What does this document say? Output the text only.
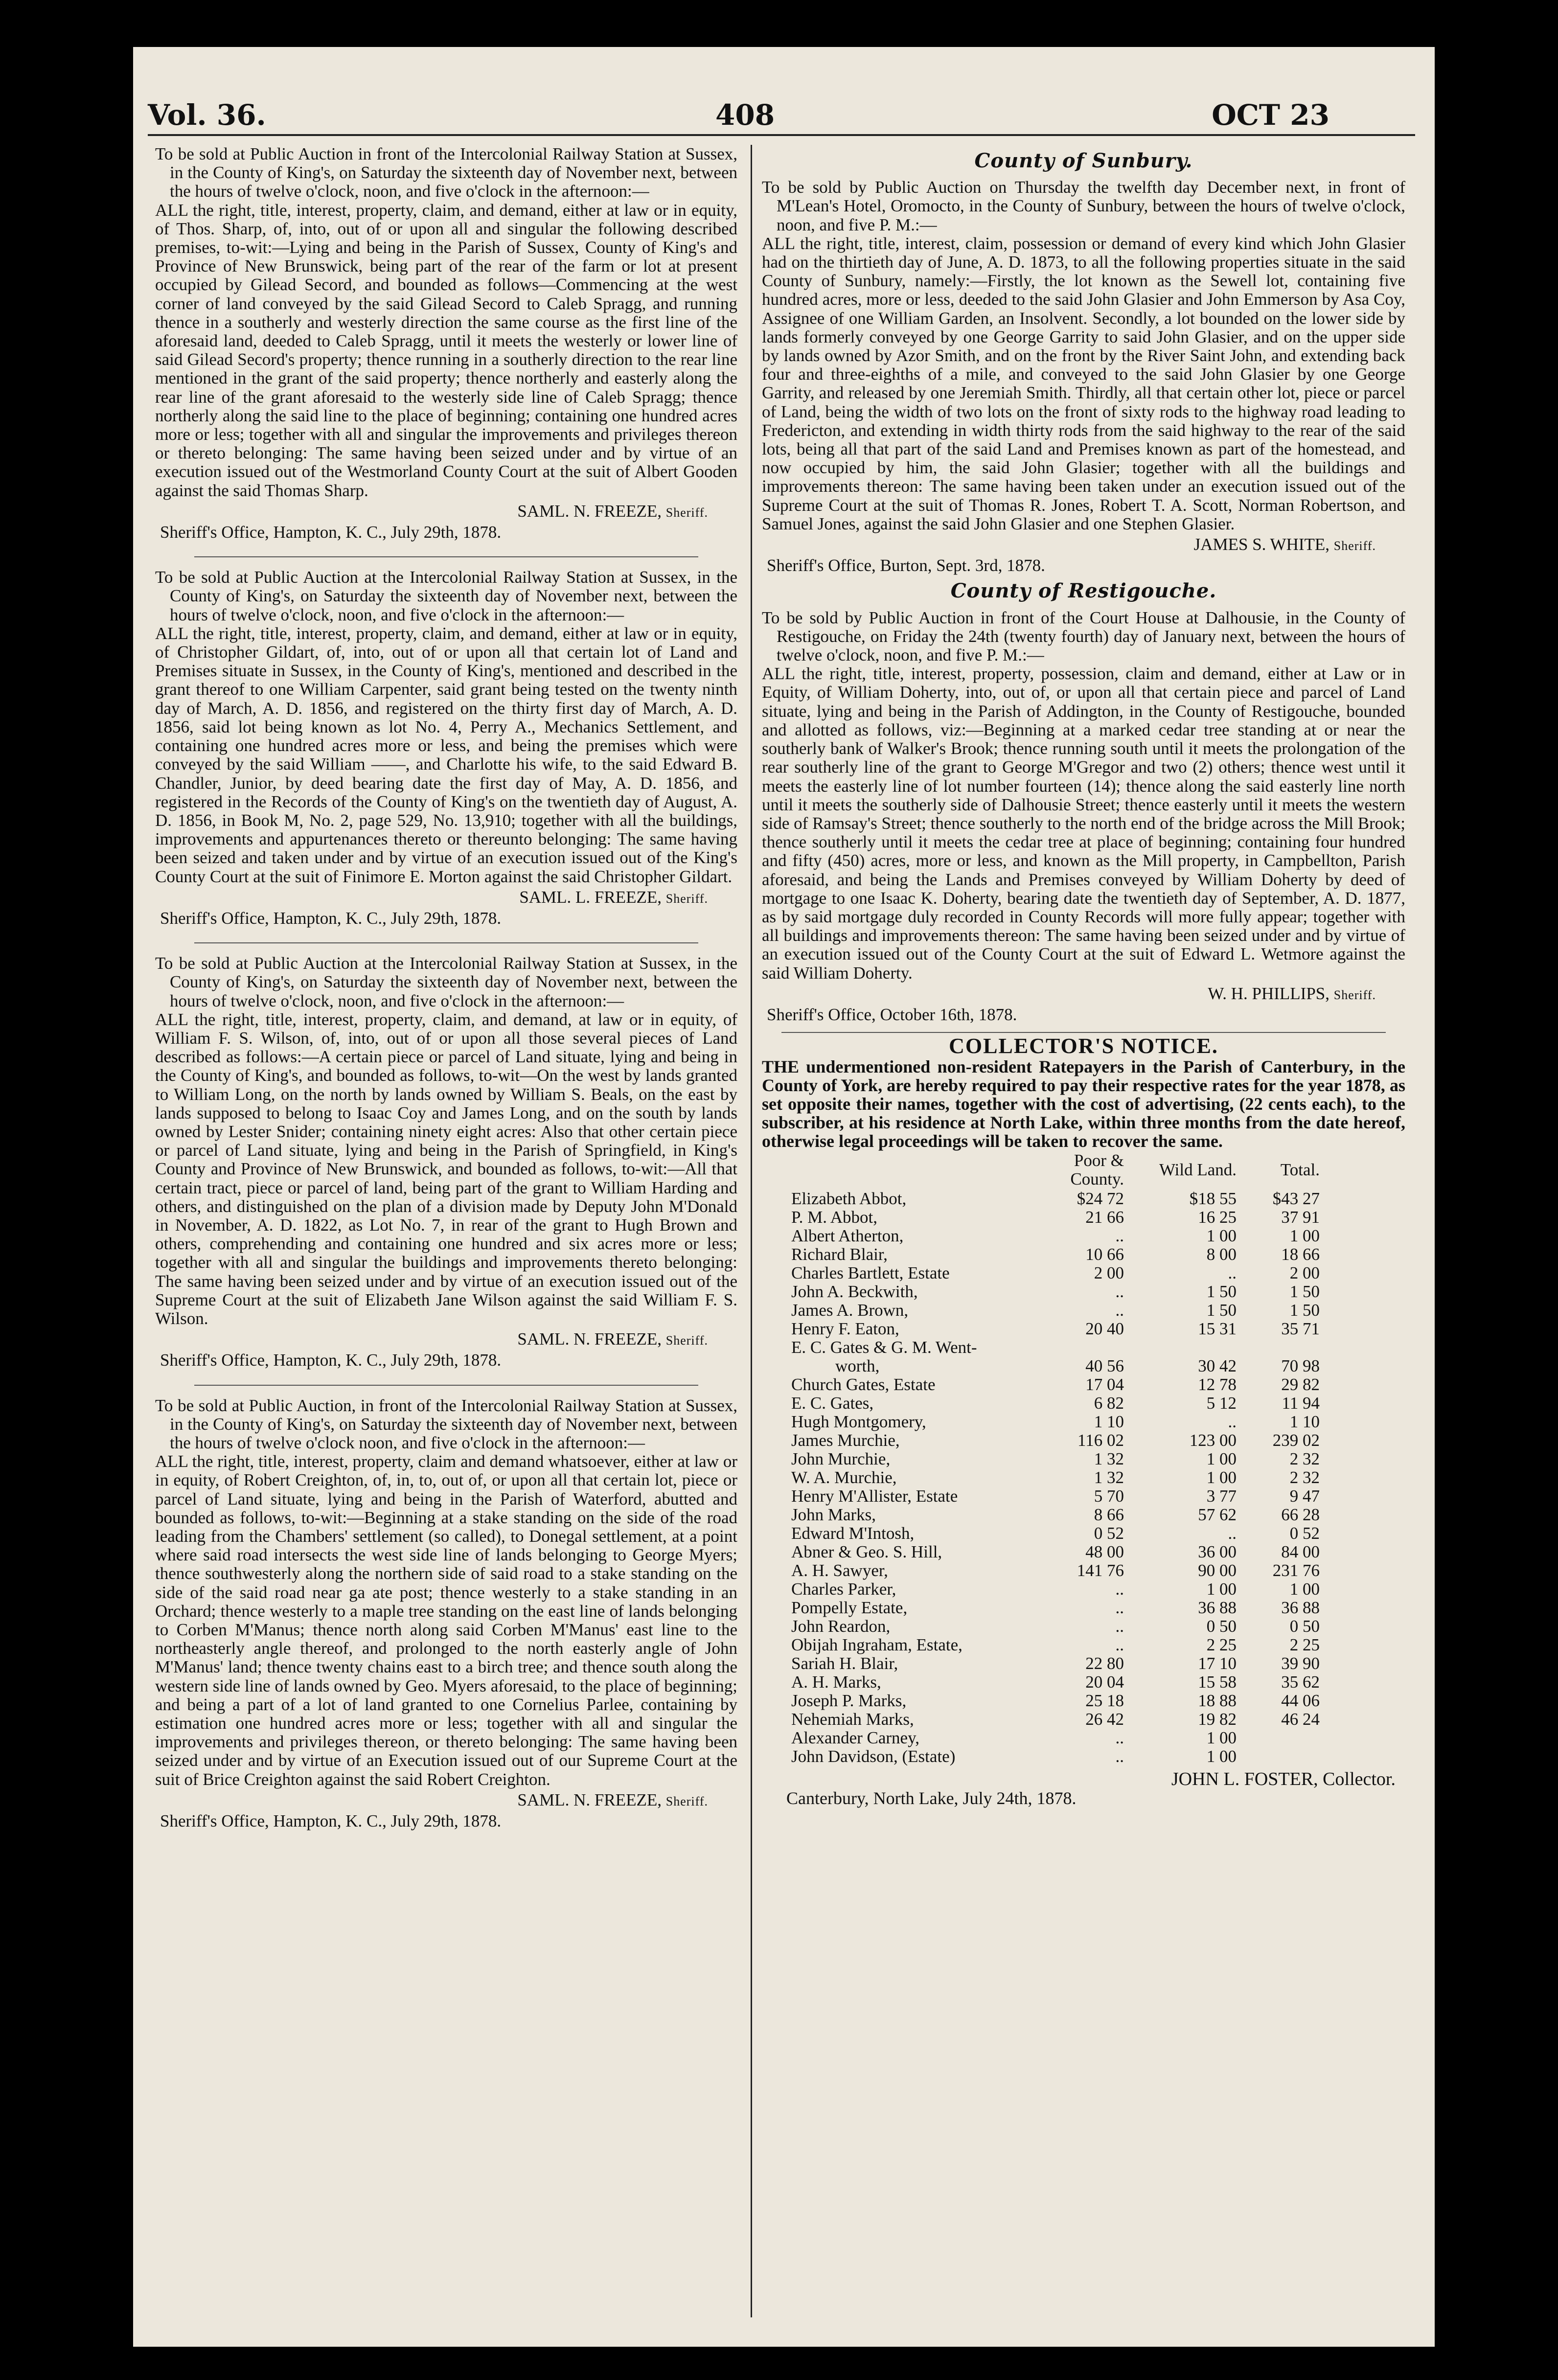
Vol. 36.	408	OCT 23

To be sold at Public Auction in front of the Intercolonial Railway Station at Sussex, in the County of King's, on Saturday the sixteenth day of November next, between the hours of twelve o'clock, noon, and five o'clock in the afternoon:—

ALL the right, title, interest, property, claim, and demand, either at law or in equity, of Thos. Sharp, of, into, out of or upon all and singular the following described premises, to-wit:—Lying and being in the Parish of Sussex, County of King's and Province of New Brunswick, being part of the rear of the farm or lot at present occupied by Gilead Secord, and bounded as follows—Commencing at the west corner of land conveyed by the said Gilead Secord to Caleb Spragg, and running thence in a southerly and westerly direction the same course as the first line of the aforesaid land, deeded to Caleb Spragg, until it meets the westerly or lower line of said Gilead Secord's property; thence running in a southerly direction to the rear line mentioned in the grant of the said property; thence northerly and easterly along the rear line of the grant aforesaid to the westerly side line of Caleb Spragg; thence northerly along the said line to the place of beginning; containing one hundred acres more or less; together with all and singular the improvements and privileges thereon or thereto belonging: The same having been seized under and by virtue of an execution issued out of the Westmorland County Court at the suit of Albert Gooden against the said Thomas Sharp.

SAML. N. FREEZE, Sheriff.

Sheriff's Office, Hampton, K. C., July 29th, 1878.

To be sold at Public Auction at the Intercolonial Railway Station at Sussex, in the County of King's, on Saturday the sixteenth day of November next, between the hours of twelve o'clock, noon, and five o'clock in the afternoon:—

ALL the right, title, interest, property, claim, and demand, either at law or in equity, of Christopher Gildart, of, into, out of or upon all that certain lot of Land and Premises situate in Sussex, in the County of King's, mentioned and described in the grant thereof to one William Carpenter, said grant being tested on the twenty ninth day of March, A. D. 1856, and registered on the thirty first day of March, A. D. 1856, said lot being known as lot No. 4, Perry A., Mechanics Settlement, and containing one hundred acres more or less, and being the premises which were conveyed by the said William ——, and Charlotte his wife, to the said Edward B. Chandler, Junior, by deed bearing date the first day of May, A. D. 1856, and registered in the Records of the County of King's on the twentieth day of August, A. D. 1856, in Book M, No. 2, page 529, No. 13,910; together with all the buildings, improvements and appurtenances thereto or thereunto belonging: The same having been seized and taken under and by virtue of an execution issued out of the King's County Court at the suit of Finimore E. Morton against the said Christopher Gildart.

SAML. L. FREEZE, Sheriff.

Sheriff's Office, Hampton, K. C., July 29th, 1878.

To be sold at Public Auction at the Intercolonial Railway Station at Sussex, in the County of King's, on Saturday the sixteenth day of November next, between the hours of twelve o'clock, noon, and five o'clock in the afternoon:—

ALL the right, title, interest, property, claim, and demand, at law or in equity, of William F. S. Wilson, of, into, out of or upon all those several pieces of Land described as follows:—A certain piece or parcel of Land situate, lying and being in the County of King's, and bounded as follows, to-wit—On the west by lands granted to William Long, on the north by lands owned by William S. Beals, on the east by lands supposed to belong to Isaac Coy and James Long, and on the south by lands owned by Lester Snider; containing ninety eight acres: Also that other certain piece or parcel of Land situate, lying and being in the Parish of Springfield, in King's County and Province of New Brunswick, and bounded as follows, to-wit:—All that certain tract, piece or parcel of land, being part of the grant to William Harding and others, and distinguished on the plan of a division made by Deputy John M'Donald in November, A. D. 1822, as Lot No. 7, in rear of the grant to Hugh Brown and others, comprehending and containing one hundred and six acres more or less; together with all and singular the buildings and improvements thereto belonging: The same having been seized under and by virtue of an execution issued out of the Supreme Court at the suit of Elizabeth Jane Wilson against the said William F. S. Wilson.

SAML. N. FREEZE, Sheriff.

Sheriff's Office, Hampton, K. C., July 29th, 1878.

To be sold at Public Auction, in front of the Intercolonial Railway Station at Sussex, in the County of King's, on Saturday the sixteenth day of November next, between the hours of twelve o'clock noon, and five o'clock in the afternoon:—

ALL the right, title, interest, property, claim and demand whatsoever, either at law or in equity, of Robert Creighton, of, in, to, out of, or upon all that certain lot, piece or parcel of Land situate, lying and being in the Parish of Waterford, abutted and bounded as follows, to-wit:—Beginning at a stake standing on the side of the road leading from the Chambers' settlement (so called), to Donegal settlement, at a point where said road intersects the west side line of lands belonging to George Myers; thence southwesterly along the northern side of said road to a stake standing on the side of the said road near ga ate post; thence westerly to a stake standing in an Orchard; thence westerly to a maple tree standing on the east line of lands belonging to Corben M'Manus; thence north along said Corben M'Manus' east line to the northeasterly angle thereof, and prolonged to the north easterly angle of John M'Manus' land; thence twenty chains east to a birch tree; and thence south along the western side line of lands owned by Geo. Myers aforesaid, to the place of beginning; and being a part of a lot of land granted to one Cornelius Parlee, containing by estimation one hundred acres more or less; together with all and singular the improvements and privileges thereon, or thereto belonging: The same having been seized under and by virtue of an Execution issued out of our Supreme Court at the suit of Brice Creighton against the said Robert Creighton.

SAML. N. FREEZE, Sheriff.

Sheriff's Office, Hampton, K. C., July 29th, 1878.

County of Sunbury.

To be sold by Public Auction on Thursday the twelfth day December next, in front of M'Lean's Hotel, Oromocto, in the County of Sunbury, between the hours of twelve o'clock, noon, and five P. M.:—

ALL the right, title, interest, claim, possession or demand of every kind which John Glasier had on the thirtieth day of June, A. D. 1873, to all the following properties situate in the said County of Sunbury, namely:—Firstly, the lot known as the Sewell lot, containing five hundred acres, more or less, deeded to the said John Glasier and John Emmerson by Asa Coy, Assignee of one William Garden, an Insolvent. Secondly, a lot bounded on the lower side by lands formerly conveyed by one George Garrity to said John Glasier, and on the upper side by lands owned by Azor Smith, and on the front by the River Saint John, and extending back four and three-eighths of a mile, and conveyed to the said John Glasier by one George Garrity, and released by one Jeremiah Smith. Thirdly, all that certain other lot, piece or parcel of Land, being the width of two lots on the front of sixty rods to the highway road leading to Fredericton, and extending in width thirty rods from the said highway to the rear of the said lots, being all that part of the said Land and Premises known as part of the homestead, and now occupied by him, the said John Glasier; together with all the buildings and improvements thereon: The same having been taken under an execution issued out of the Supreme Court at the suit of Thomas R. Jones, Robert T. A. Scott, Norman Robertson, and Samuel Jones, against the said John Glasier and one Stephen Glasier.

JAMES S. WHITE, Sheriff.

Sheriff's Office, Burton, Sept. 3rd, 1878.

County of Restigouche.

To be sold by Public Auction in front of the Court House at Dalhousie, in the County of Restigouche, on Friday the 24th (twenty fourth) day of January next, between the hours of twelve o'clock, noon, and five P. M.:—

ALL the right, title, interest, property, possession, claim and demand, either at Law or in Equity, of William Doherty, into, out of, or upon all that certain piece and parcel of Land situate, lying and being in the Parish of Addington, in the County of Restigouche, bounded and allotted as follows, viz:—Beginning at a marked cedar tree standing at or near the southerly bank of Walker's Brook; thence running south until it meets the prolongation of the rear southerly line of the grant to George M'Gregor and two (2) others; thence west until it meets the easterly line of lot number fourteen (14); thence along the said easterly line north until it meets the southerly side of Dalhousie Street; thence easterly until it meets the western side of Ramsay's Street; thence southerly to the north end of the bridge across the Mill Brook; thence southerly until it meets the cedar tree at place of beginning; containing four hundred and fifty (450) acres, more or less, and known as the Mill property, in Campbellton, Parish aforesaid, and being the Lands and Premises conveyed by William Doherty by deed of mortgage to one Isaac K. Doherty, bearing date the twentieth day of September, A. D. 1877, as by said mortgage duly recorded in County Records will more fully appear; together with all buildings and improvements thereon: The same having been seized under and by virtue of an execution issued out of the County Court at the suit of Edward L. Wetmore against the said William Doherty.

W. H. PHILLIPS, Sheriff.

Sheriff's Office, October 16th, 1878.

COLLECTOR'S NOTICE.

THE undermentioned non-resident Ratepayers in the Parish of Canterbury, in the County of York, are hereby required to pay their respective rates for the year 1878, as set opposite their names, together with the cost of advertising, (22 cents each), to the subscriber, at his residence at North Lake, within three months from the date hereof, otherwise legal proceedings will be taken to recover the same.

	Poor & County.	Wild Land.	Total.
Elizabeth Abbot,	$24 72	$18 55	$43 27
P. M. Abbot,	21 66	16 25	37 91
Albert Atherton,	..	1 00	1 00
Richard Blair,	10 66	8 00	18 66
Charles Bartlett, Estate	2 00	..	2 00
John A. Beckwith,	..	1 50	1 50
James A. Brown,	..	1 50	1 50
Henry F. Eaton,	20 40	15 31	35 71
E. C. Gates & G. M. Went-			
worth,	40 56	30 42	70 98
Church Gates, Estate	17 04	12 78	29 82
E. C. Gates,	6 82	5 12	11 94
Hugh Montgomery,	1 10	..	1 10
James Murchie,	116 02	123 00	239 02
John Murchie,	1 32	1 00	2 32
W. A. Murchie,	1 32	1 00	2 32
Henry M'Allister, Estate	5 70	3 77	9 47
John Marks,	8 66	57 62	66 28
Edward M'Intosh,	0 52	..	0 52
Abner & Geo. S. Hill,	48 00	36 00	84 00
A. H. Sawyer,	141 76	90 00	231 76
Charles Parker,	..	1 00	1 00
Pompelly Estate,	..	36 88	36 88
John Reardon,	..	0 50	0 50
Obijah Ingraham, Estate,	..	2 25	2 25
Sariah H. Blair,	22 80	17 10	39 90
A. H. Marks,	20 04	15 58	35 62
Joseph P. Marks,	25 18	18 88	44 06
Nehemiah Marks,	26 42	19 82	46 24
Alexander Carney,	..	1 00	
John Davidson, (Estate)	..	1 00	
JOHN L. FOSTER, Collector.
Canterbury, North Lake, July 24th, 1878.
